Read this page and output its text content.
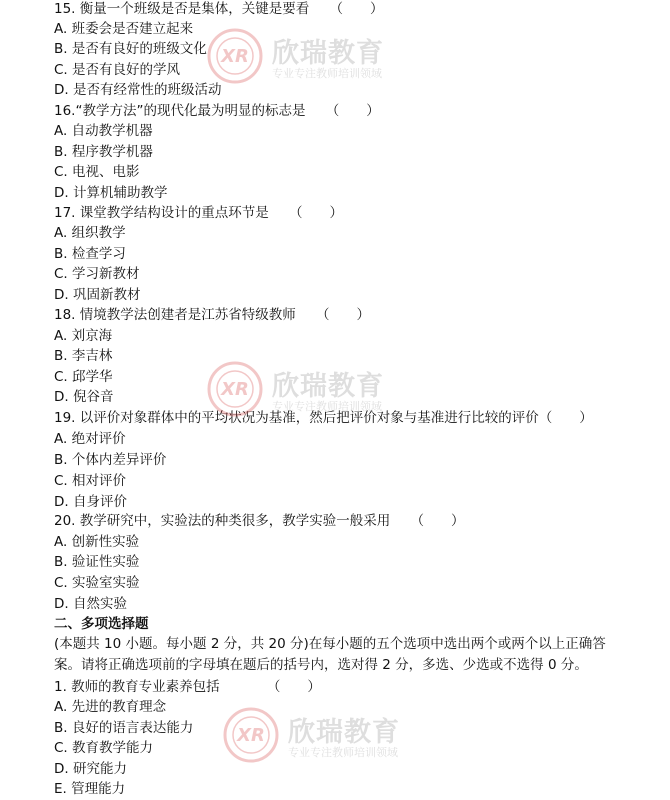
15. 衡量一个班级是否是集体，关键是要看　　（　　）
A. 班委会是否建立起来
B. 是否有良好的班级文化
C. 是否有良好的学风
D. 是否有经常性的班级活动
16.“教学方法”的现代化最为明显的标志是　　（　　）
A. 自动教学机器
B. 程序教学机器
C. 电视、电影
D. 计算机辅助教学
17. 课堂教学结构设计的重点环节是　　（　　）
A. 组织教学
B. 检查学习
C. 学习新教材
D. 巩固新教材
18. 情境教学法创建者是江苏省特级教师　　（　　）
A. 刘京海
B. 李吉林
C. 邱学华
D. 倪谷音
19. 以评价对象群体中的平均状况为基准，然后把评价对象与基准进行比较的评价（　　）
A. 绝对评价
B. 个体内差异评价
C. 相对评价
D. 自身评价
20. 教学研究中，实验法的种类很多，教学实验一般采用　　（　　）
A. 创新性实验
B. 验证性实验
C. 实验室实验
D. 自然实验
二、多项选择题
(本题共 10 小题。每小题 2 分，共 20 分)在每小题的五个选项中选出两个或两个以上正确答案。请将正确选项前的字母填在题后的括号内，选对得 2 分，多选、少选或不选得 0 分。
1. 教师的教育专业素养包括　　　　（　　）
A. 先进的教育理念
B. 良好的语言表达能力
C. 教育教学能力
D. 研究能力
E. 管理能力
XR 欣瑞教育
专业专注教师培训领域
XR 欣瑞教育
专业专注教师培训领域
XR 欣瑞教育
专业专注教师培训领域
